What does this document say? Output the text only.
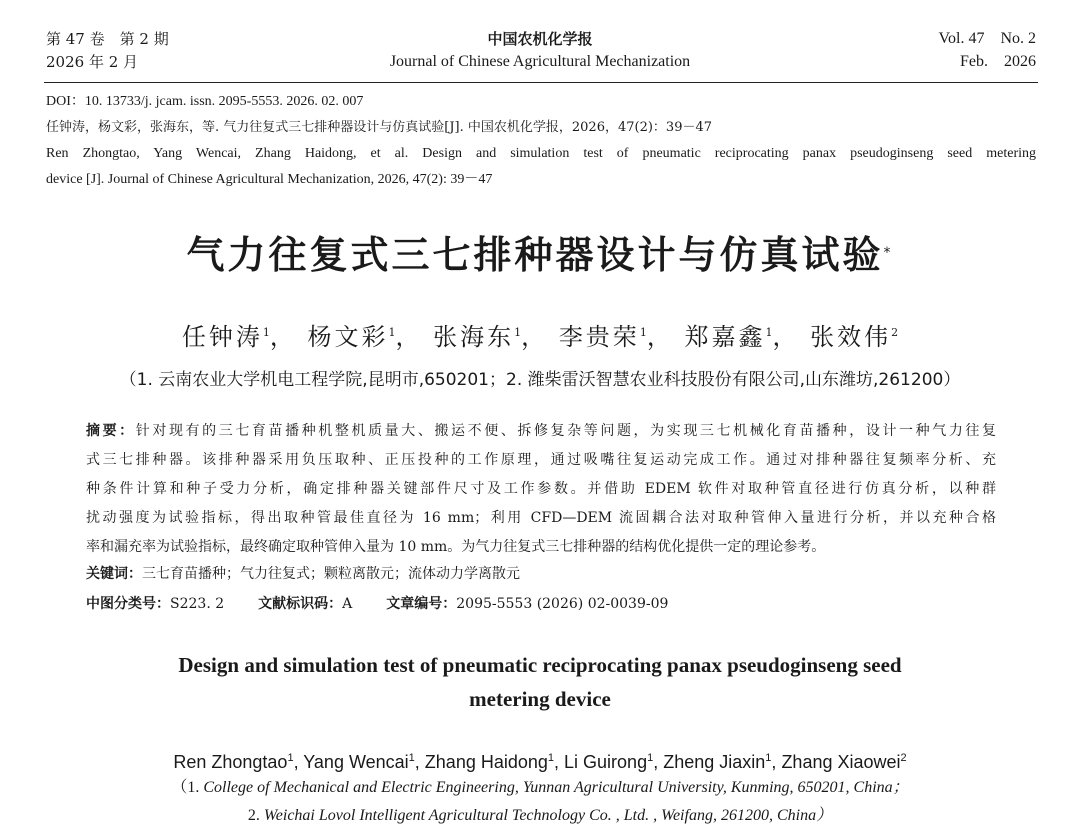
第 47 卷　第 2 期
2026 年 2 月
中国农机化学报
Journal of Chinese Agricultural Mechanization
Vol. 47　No. 2
Feb.　2026
DOI：10. 13733/j. jcam. issn. 2095-5553. 2026. 02. 007
任钟涛，杨文彩，张海东，等. 气力往复式三七排种器设计与仿真试验[J]. 中国农机化学报，2026，47(2)：39－47
Ren Zhongtao, Yang Wencai, Zhang Haidong, et al. Design and simulation test of pneumatic reciprocating panax pseudoginseng seed metering
device [J]. Journal of Chinese Agricultural Mechanization, 2026, 47(2): 39－47
气力往复式三七排种器设计与仿真试验*
任钟涛$^1$， 杨文彩$^1$， 张海东$^1$， 李贵荣$^1$， 郑嘉鑫$^1$， 张效伟$^2$
（1. 云南农业大学机电工程学院,昆明市,650201；2. 潍柴雷沃智慧农业科技股份有限公司,山东潍坊,261200）
摘要：针对现有的三七育苗播种机整机质量大、搬运不便、拆修复杂等问题，为实现三七机械化育苗播种，设计一种气力往复
式三七排种器。该排种器采用负压取种、正压投种的工作原理，通过吸嘴往复运动完成工作。通过对排种器往复频率分析、充
种条件计算和种子受力分析，确定排种器关键部件尺寸及工作参数。并借助 EDEM 软件对取种管直径进行仿真分析，以种群
扰动强度为试验指标，得出取种管最佳直径为 16 mm；利用 CFD—DEM 流固耦合法对取种管伸入量进行分析，并以充种合格
率和漏充率为试验指标，最终确定取种管伸入量为 10 mm。为气力往复式三七排种器的结构优化提供一定的理论参考。
关键词：三七育苗播种；气力往复式；颗粒离散元；流体动力学离散元
中图分类号：S223. 2 文献标识码：A 文章编号：2095-5553 (2026) 02-0039-09
Design and simulation test of pneumatic reciprocating panax pseudoginseng seed
metering device
Ren Zhongtao$^1$, Yang Wencai$^1$, Zhang Haidong$^1$, Li Guirong$^1$, Zheng Jiaxin$^1$, Zhang Xiaowei$^2$
（1. College of Mechanical and Electric Engineering, Yunnan Agricultural University, Kunming, 650201, China；
2. Weichai Lovol Intelligent Agricultural Technology Co. , Ltd. , Weifang, 261200, China）
